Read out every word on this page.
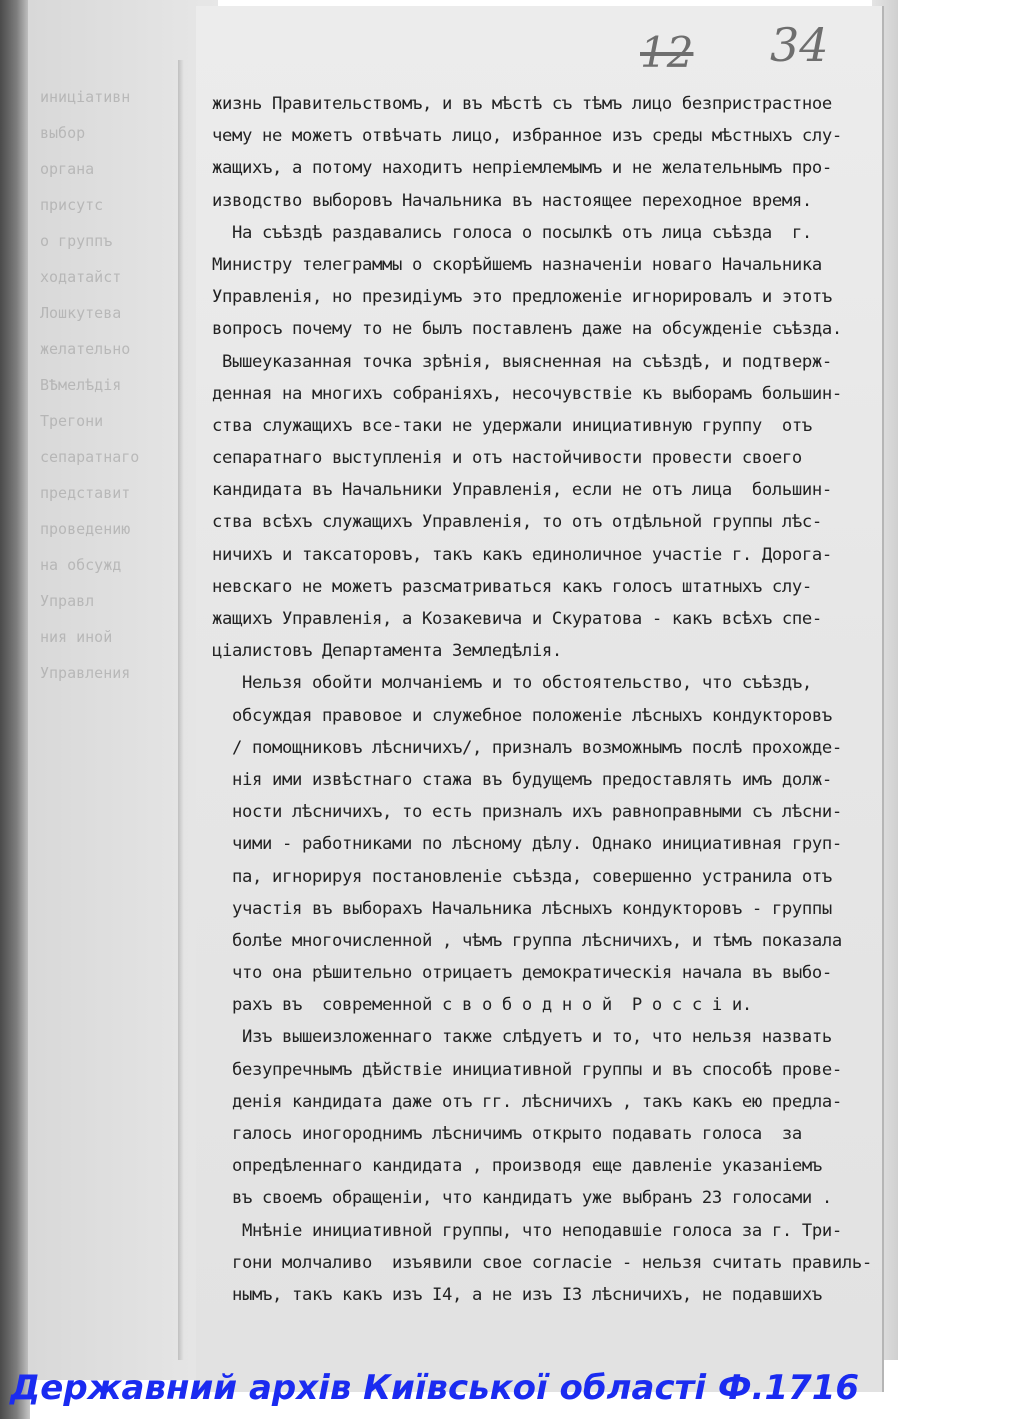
иницiативн
выбор
органа
присутс
о группъ
ходатайст
Лошкутева
желательно
ВѢмелѣдія
Трегони
сепаратнаго
представит
проведению
на обсужд
Управл
ния иной
Управления
12 34
жизнь Правительствомъ, и въ мѣстѣ съ тѣмъ лицо безпристрастное
чему не можетъ отвѣчать лицо, избранное изъ среды мѣстныхъ слу-
жащихъ, а потому находитъ непріемлемымъ и не желательнымъ про-
изводство выборовъ Начальника въ настоящее переходное время.
На съѣздѣ раздавались голоса о посылкѣ отъ лица съѣзда  г.
Министру телеграммы о скорѣйшемъ назначеніи новаго Начальника
Управленія, но президіумъ это предложеніе игнорировалъ и этотъ
вопросъ почему то не былъ поставленъ даже на обсужденіе съѣзда.
Вышеуказанная точка зрѣнія, выясненная на съѣздѣ, и подтверж-
денная на многихъ собраніяхъ, несочувствіе къ выборамъ большин-
ства служащихъ все-таки не удержали инициативную группу  отъ
сепаратнаго выступленія и отъ настойчивости провести своего
кандидата въ Начальники Управленія, если не отъ лица  большин-
ства всѣхъ служащихъ Управленія, то отъ отдѣльной группы лѣс-
ничихъ и таксаторовъ, такъ какъ единоличное участіе г. Дорога-
невскаго не можетъ разсматриваться какъ голосъ штатныхъ слу-
жащихъ Управленія, а Козакевича и Скуратова - какъ всѣхъ спе-
ціалистовъ Департамента Земледѣлія.
Нельзя обойти молчаніемъ и то обстоятельство, что съѣздъ,
обсуждая правовое и служебное положеніе лѣсныхъ кондукторовъ
/ помощниковъ лѣсничихъ/, призналъ возможнымъ послѣ прохожде-
нія ими извѣстнаго стажа въ будущемъ предоставлять имъ долж-
ности лѣсничихъ, то есть призналъ ихъ равноправными съ лѣсни-
чими - работниками по лѣсному дѣлу. Однако инициативная груп-
па, игнорируя постановленіе съѣзда, совершенно устранила отъ
участія въ выборахъ Начальника лѣсныхъ кондукторовъ - группы
болѣе многочисленной , чѣмъ группа лѣсничихъ, и тѣмъ показала
что она рѣшительно отрицаетъ демократическія начала въ выбо-
рахъ въ  современной с в о б о д н о й  Р о с с і и.
Изъ вышеизложеннаго также слѣдуетъ и то, что нельзя назвать
безупречнымъ дѣйствіе инициативной группы и въ способѣ прове-
денія кандидата даже отъ гг. лѣсничихъ , такъ какъ ею предла-
галось иногороднимъ лѣсничимъ открыто подавать голоса  за
опредѣленнаго кандидата , производя еще давленіе указаніемъ
въ своемъ обращеніи, что кандидатъ уже выбранъ 23 голосами .
Мнѣніе инициативной группы, что неподавшіе голоса за г. Три-
гони молчаливо  изъявили свое согласіе - нельзя считать правиль-
нымъ, такъ какъ изъ І4, а не изъ ІЗ лѣсничихъ, не подавшихъ
Державний архів Київської області Ф.1716
